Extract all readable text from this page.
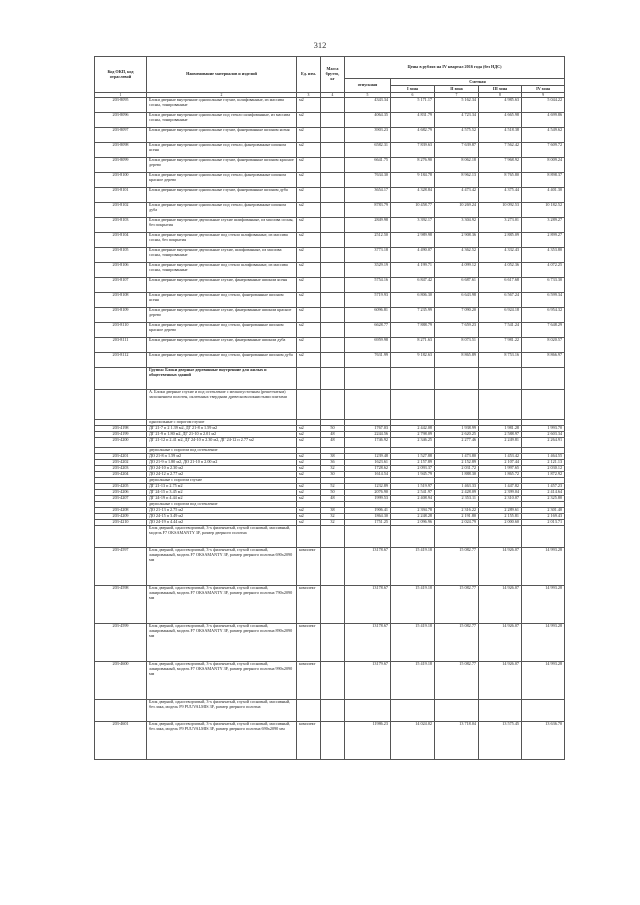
312
Код ОКП, код отраслевой	Наименование материалов и изделий	Ед. изм.	Масса брутто, кг	Цены в рублях на IV квартал 2016 года (без НДС)				
				отпускная	Сметная			
					I зона	II зона	III зона	IV зона
1	2	3	4	5	6	7	8	9
203-8095	Блоки дверные внутренние однопольные глухие, шлифованные, из массива сосны, тонированные	м2		4343.34	5 171.17	5 162.34	4 985.63	5 044.22
203-8096	Блоки дверные внутренние однопольные под стекло шлифованные, из массива сосны, тонированные	м2		4064.35	4 831.79	4 723.34	4 665.98	4 699.86
203-8097	Блоки дверные внутренние однопольные глухие, фанерованные шпоном ясеня	м2		3903.23	4 682.79	4 575.52	4 518.38	4 549.62
203-8098	Блоки дверные внутренние однопольные под стекло, фанерованные шпоном ясеня	м2		6582.31	7 839.63	7 639.87	7 562.42	7 609.72
203-8099	Блоки дверные внутренние однопольные глухие, фанерованные шпоном красное дерево	м2		6641.75	8 276.90	8 062.18	7 968.92	8 009.24
203-8100	Блоки дверные внутренние однопольные под стекло, фанерованные шпоном красное дерево	м2		7634.30	9 184.78	8 962.13	8 765.80	8 898.37
203-8101	Блоки дверные внутренние однопольные глухие, фанерованные шпоном дуба	м2		3654.17	4 328.84	4 473.42	4 375.44	4 401.30
203-8102	Блоки дверные внутренние однопольные под стекло, фанерованные шпоном дуба	м2		8783.79	10 458.77	10 269.24	10 092.53	10 182.52
203-8103	Блоки дверные внутренние двупольные глухие шлифованные, из массива сосны, без покрытия	м2		2849.98	3 392.17	3 304.92	3 273.01	3 289.27
203-8104	Блоки дверные внутренние двупольные под стекло шлифованные, из массива сосны, без покрытия	м2		2512.50	2 989.98	2 908.36	2 885.09	2 899.27
203-8105	Блоки дверные внутренние двупольные глухие, шлифованные, из массива сосны, тонированные	м2		3773.18	4 490.07	4 362.52	4 332.43	4 353.80
203-8106	Блоки дверные внутренние двупольные под стекло шлифованные, из массива сосны, тонированные	м2		3529.19	4 199.71	4 099.12	4 052.36	4 072.25
203-8107	Блоки дверные внутренние двупольные глухие, фанерованные шпоном ясеня	м2		5754.16	6 847.42	6 687.61	6 617.68	6 733.30
203-8108	Блоки дверные внутренние двупольные под стекло, фанерованные шпоном ясеня	м2		5719.93	6 806.30	6 643.98	6 567.24	6 599.34
203-8109	Блоки дверные внутренние двупольные глухие, фанерованные шпоном красное дерево	м2		6096.81	7 235.99	7 090.20	6 924.18	6 954.32
203-8110	Блоки дверные внутренние двупольные под стекло, фанерованные шпоном красное дерево	м2		6628.77	7 888.79	7 659.23	7 541.24	7 648.29
203-8111	Блоки дверные внутренние двупольные глухие, фанерованные шпоном дуба	м2		6959.98	8 271.63	8 073.51	7 981.22	8 020.57
203-8112	Блоки дверные внутренние двупольные под стекло, фанерованные шпоном дуба	м2		7631.99	9 182.63	8 865.89	8 753.16	8 866.97
	Группа: Блоки дверные деревянные внутренние для жилых и общественных зданий							
	А. Блоки дверные глухие и под остекление с мелкопустотным (решетчатым) заполнением полотен, оклеенных твердыми древесноволокнистыми плитами							
	однопольные с порогом глухие							
203-4198	ДГ 21-7 п 2 1.39 м2, ДГ 21-8 п 1.59 м2	м2	50	1767.03	2 442.08	1 938.99	1 981.28	1 993.70
203-4199	ДГ 21-9 п 1.80 м2, ДГ 21-10 п 2.01 м2	м2	48	2244.56	2 798.09	2 620.25	2 588.97	2 603.34
203-4200	ДГ 21-12 п 2.41 м2, ДГ 24-10 п 2.30 м2, ДГ 24-12 п 2.77 м2	м2	48	1746.92	2 346.25	2 277.46	2 249.81	2 264.91
	двупольные с порогом под остекление							
203-4201	ДО 21-8 п 1.59 м2	м2	38	1239.48	1 527.88	1 473.80	1 453.42	1 464.55
203-4202	ДО 21-9 п 1.80 м2, ДО 21-10 п 2.00 м2	м2	36	1623.61	2 157.89	2 152.89	2 107.44	2 121.13
203-4203	ДО 24-10 п 2.30 м2	м2	32	1728.62	2 093.37	2 031.72	1 997.65	2 030.12
203-4204	ДО 24-12 п 2.77 м2	м2	30	1614.54	1 945.79	1 888.30	1 865.72	1 872.92
	двупольные с порогом глухие							
203-4205	ДГ 21-13 п 2.75 м2	м2	52	1232.89	1 519.97	1 463.33	1 447.82	1 457.23
203-4206	ДГ 24-15 п 3.45 м2	м2	50	2076.90	2 541.97	2 428.09	2 399.04	2 414.64
203-4207	ДГ 24-19 п 4.44 м2	м2	48	1999.53	2 408.94	2 353.11	2 310.07	2 325.80
	двупольные с порогом под остекление							
203-4208	ДО 21-13 п 2.75 м2	м2	38	1906.41	2 394.78	2 316.22	2 289.61	2 301.40
203-4209	ДО 24-15 п 3.49 м2	м2	32	1864.30	2 248.28	2 191.80	2 155.81	2 169.43
203-4210	ДО 24-19 п 4.44 м2	м2	32	1751.25	2 096.96	2 024.79	2 000.60	2 013.71
	Блок дверной, одностворчатый, 3-х филенчатый, глухой сосновый, массивный, модель F7 OKSAMANTY 3F, размер дверного полотна							
203-4597	Блок дверной, одностворчатый, 3-х филенчатый, глухой сосновый, лакированный, модель F7 OKSAMANTY 3F, размер дверного полотна 690х2090 мм	комплект		13178.67	15 419.18	15 082.77	14 926.07	14 993.28
203-4598	Блок дверной, одностворчатый, 3-х филенчатый, глухой сосновый, лакированный, модель F7 OKSAMANTY 3F, размер дверного полотна 790х2090 мм	комплект		13178.67	15 419.18	15 082.77	14 926.07	14 993.28
203-4599	Блок дверной, одностворчатый, 3-х филенчатый, глухой сосновый, лакированный, модель F7 OKSAMANTY 3F, размер дверного полотна 890х2090 мм	комплект		13178.67	15 419.18	15 082.77	14 926.07	14 993.28
203-4600	Блок дверной, одностворчатый, 3-х филенчатый, глухой сосновый, лакированный, модель F7 OKSAMANTY 3F, размер дверного полотна 990х2090 мм	комплект		13179.67	15 419.18	15 082.77	14 926.07	14 993.28
	Блок дверной, одностворчатый, 3-х филенчатый, глухой сосновый, массивный, без лака, модель F9 PUUVALMIS 3F, размер дверного полотна							
203-4601	Блок дверной, одностворчатый, 3-х филенчатый, глухой сосновый, массивный, без лака, модель F9 PUUVALMIS 3F, размер дверного полотна 690х2090 мм	комплект		11986.23	14 024.02	13 718.04	13 575.45	13 636.70
